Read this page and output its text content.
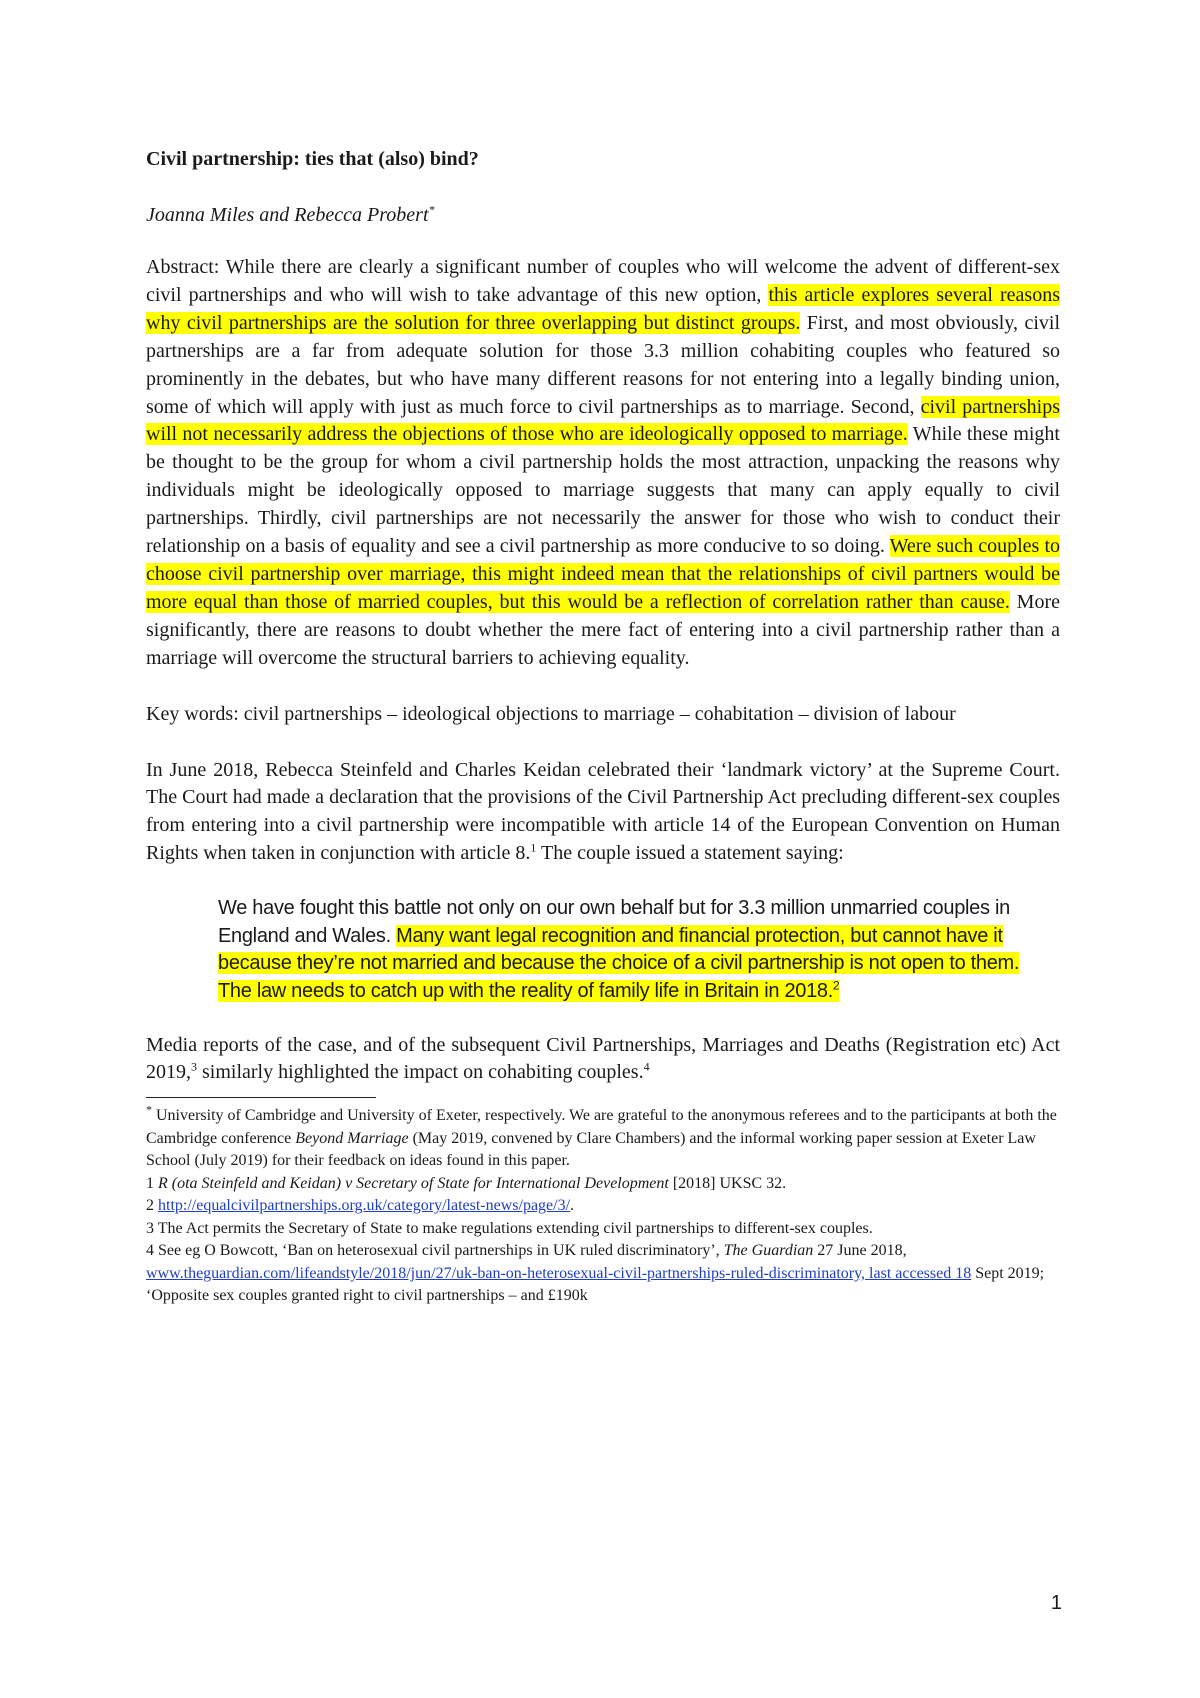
Civil partnership: ties that (also) bind?

Joanna Miles and Rebecca Probert*

Abstract: While there are clearly a significant number of couples who will welcome the advent of different-sex civil partnerships and who will wish to take advantage of this new option, this article explores several reasons why civil partnerships are the solution for three overlapping but distinct groups. First, and most obviously, civil partnerships are a far from adequate solution for those 3.3 million cohabiting couples who featured so prominently in the debates, but who have many different reasons for not entering into a legally binding union, some of which will apply with just as much force to civil partnerships as to marriage. Second, civil partnerships will not necessarily address the objections of those who are ideologically opposed to marriage. While these might be thought to be the group for whom a civil partnership holds the most attraction, unpacking the reasons why individuals might be ideologically opposed to marriage suggests that many can apply equally to civil partnerships. Thirdly, civil partnerships are not necessarily the answer for those who wish to conduct their relationship on a basis of equality and see a civil partnership as more conducive to so doing. Were such couples to choose civil partnership over marriage, this might indeed mean that the relationships of civil partners would be more equal than those of married couples, but this would be a reflection of correlation rather than cause. More significantly, there are reasons to doubt whether the mere fact of entering into a civil partnership rather than a marriage will overcome the structural barriers to achieving equality.

Key words: civil partnerships – ideological objections to marriage – cohabitation – division of labour

In June 2018, Rebecca Steinfeld and Charles Keidan celebrated their ‘landmark victory’ at the Supreme Court. The Court had made a declaration that the provisions of the Civil Partnership Act precluding different-sex couples from entering into a civil partnership were incompatible with article 14 of the European Convention on Human Rights when taken in conjunction with article 8.$^1$ The couple issued a statement saying:

We have fought this battle not only on our own behalf but for 3.3 million unmarried couples in England and Wales. Many want legal recognition and financial protection, but cannot have it because they’re not married and because the choice of a civil partnership is not open to them. The law needs to catch up with the reality of family life in Britain in 2018.$^2$

Media reports of the case, and of the subsequent Civil Partnerships, Marriages and Deaths (Registration etc) Act 2019,$^3$ similarly highlighted the impact on cohabiting couples.$^4$

* University of Cambridge and University of Exeter, respectively. We are grateful to the anonymous referees and to the participants at both the Cambridge conference Beyond Marriage (May 2019, convened by Clare Chambers) and the informal working paper session at Exeter Law School (July 2019) for their feedback on ideas found in this paper.

1 R (ota Steinfeld and Keidan) v Secretary of State for International Development [2018] UKSC 32.

2 http://equalcivilpartnerships.org.uk/category/latest-news/page/3/.

3 The Act permits the Secretary of State to make regulations extending civil partnerships to different-sex couples.

4 See eg O Bowcott, ‘Ban on heterosexual civil partnerships in UK ruled discriminatory’, The Guardian 27 June 2018, www.theguardian.com/lifeandstyle/2018/jun/27/uk-ban-on-heterosexual-civil-partnerships-ruled-discriminatory, last accessed 18 Sept 2019; ‘Opposite sex couples granted right to civil partnerships – and £190k

1
